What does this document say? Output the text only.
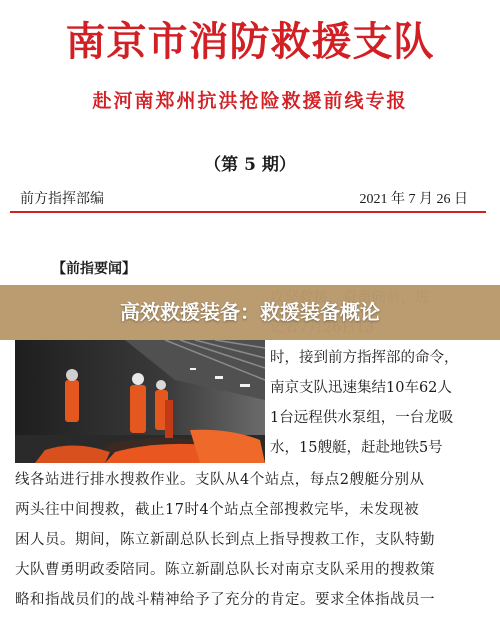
南京市消防救援支队
赴河南郑州抗洪抢险救援前线专报
（第 5 期）
前方指挥部编	2021 年 7 月 26 日
【前指要闻】
时，接到前方指挥部的命令，
南京支队迅速集结10车62人
1台远程供水泵组，一台龙吸
水，15艘艇，赶赴地铁5号
高效救援装备：救援装备概论
线各站进行排水搜救作业。支队从4个站点，每点2艘艇分别从
两头往中间搜救，截止17时4个站点全部搜救完毕，未发现被
困人员。期间，陈立新副总队长到点上指导搜救工作，支队特勤
大队曹勇明政委陪同。陈立新副总队长对南京支队采用的搜救策
略和指战员们的战斗精神给予了充分的肯定。要求全体指战员一
